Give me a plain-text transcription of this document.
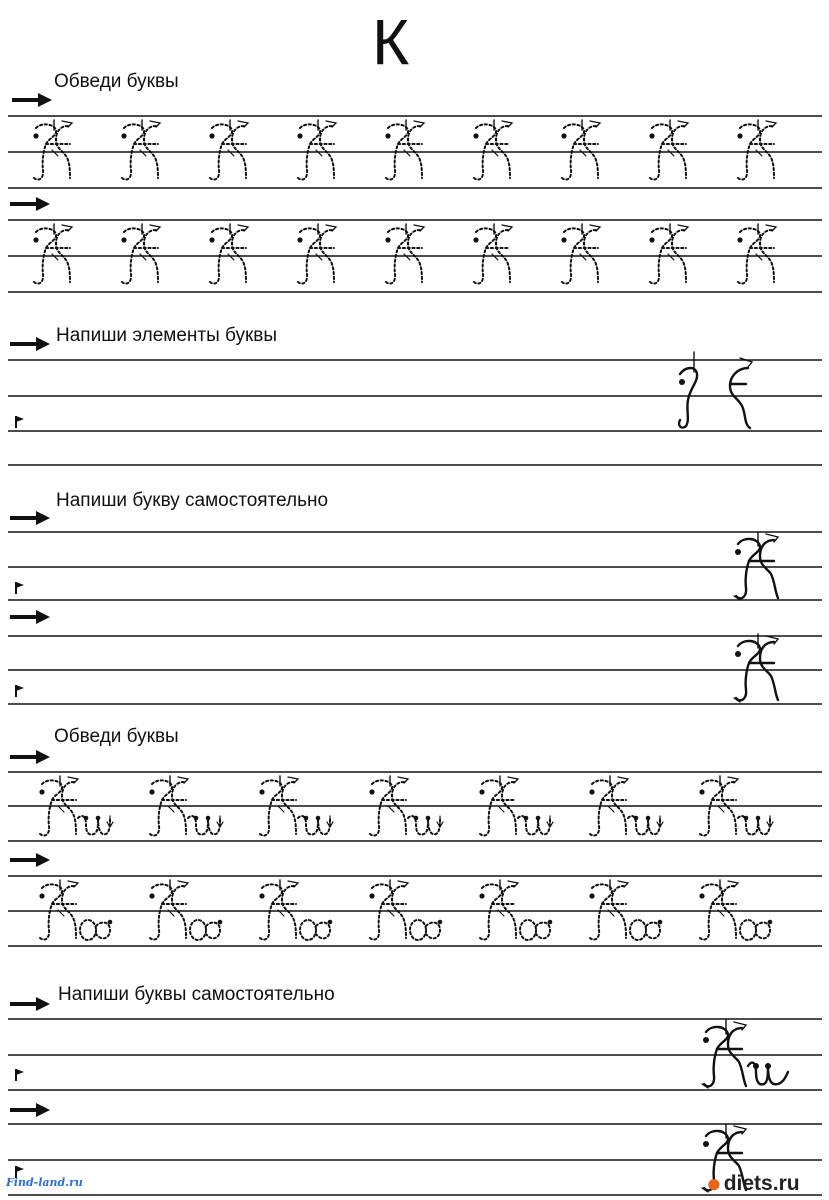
К
Обведи буквы
Напиши элементы буквы
Напиши букву самостоятельно
Обведи буквы
Напиши буквы самостоятельно
Find-land.ru	● diets.ru
